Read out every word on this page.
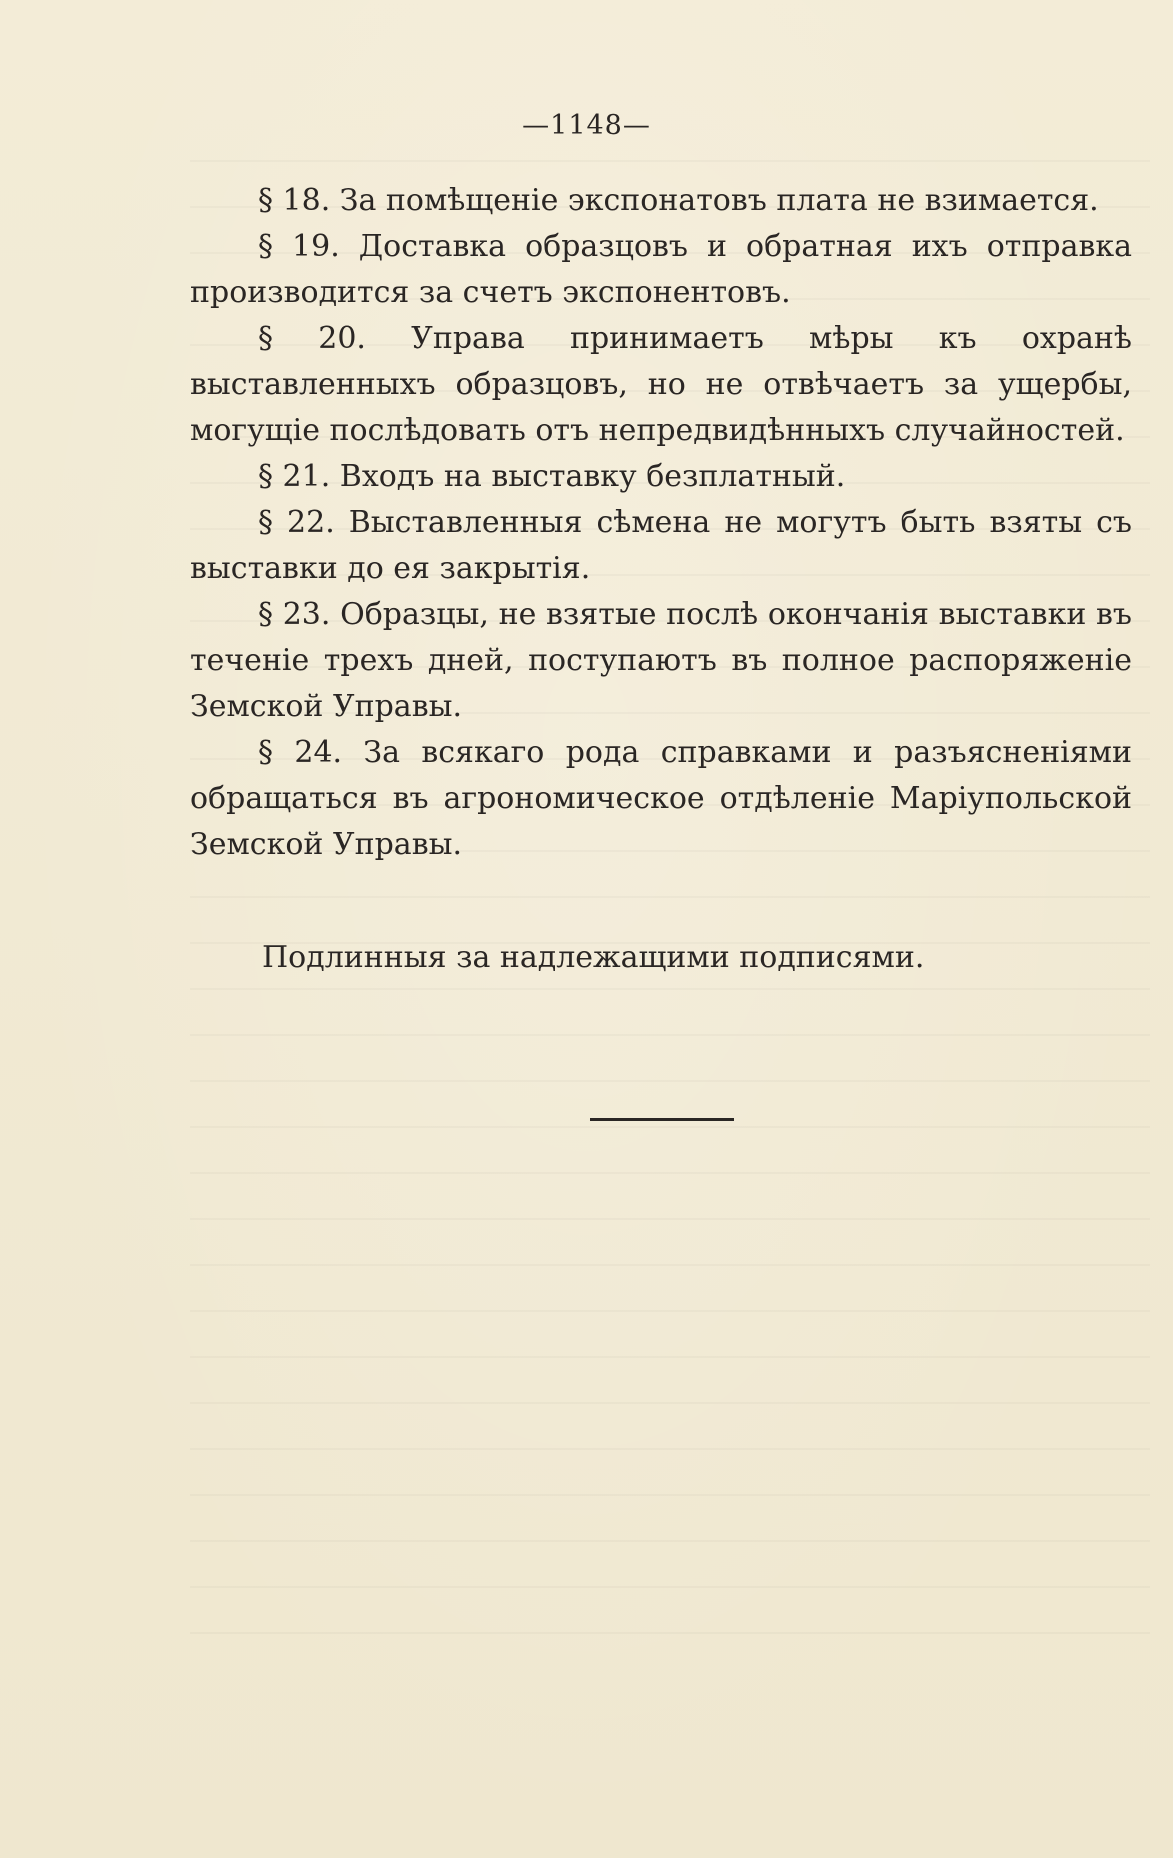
—1148—

§ 18. За помѣщеніе экспонатовъ плата не взимается.

§ 19. Доставка образцовъ и обратная ихъ отправка производится за счетъ экспонентовъ.

§ 20. Управа принимаетъ мѣры къ охранѣ выставленныхъ образцовъ, но не отвѣчаетъ за ущербы, могущіе послѣдовать отъ непредвидѣнныхъ случайностей.

§ 21. Входъ на выставку безплатный.

§ 22. Выставленныя сѣмена не могутъ быть взяты съ выставки до ея закрытія.

§ 23. Образцы, не взятые послѣ окончанія выставки въ теченіе трехъ дней, поступаютъ въ полное распоряженіе Земской Управы.

§ 24. За всякаго рода справками и разъясненіями обращаться въ агрономическое отдѣленіе Маріупольской Земской Управы.

Подлинныя за надлежащими подписями.
